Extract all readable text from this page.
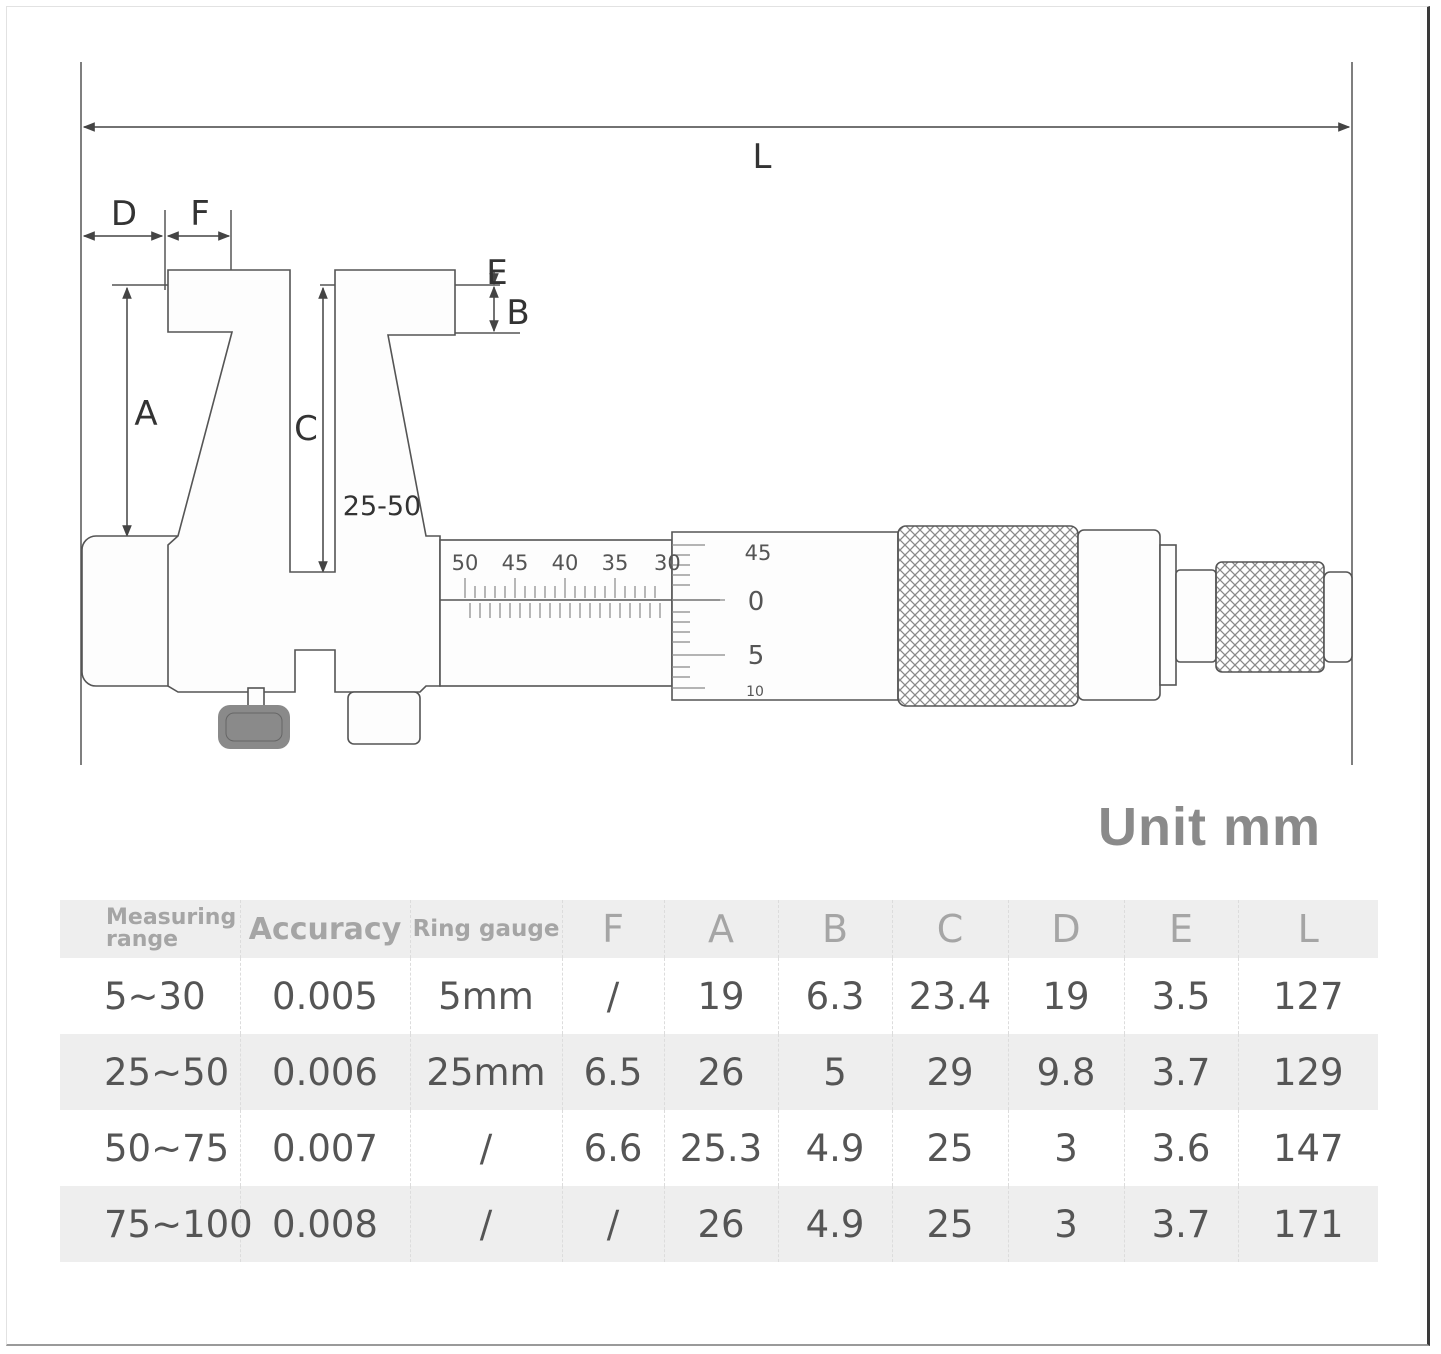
50 45 40 35 30	45
0
5
10
L
D F
E
B
A	C
25-50
Unit mm
Measuring range	Accuracy	Ring gauge	F	A	B	C	D	E	L
5~30	0.005	5mm	/	19	6.3	23.4	19	3.5	127
25~50	0.006	25mm	6.5	26	5	29	9.8	3.7	129
50~75	0.007	/	6.6	25.3	4.9	25	3	3.6	147
75~100	0.008	/	/	26	4.9	25	3	3.7	171
